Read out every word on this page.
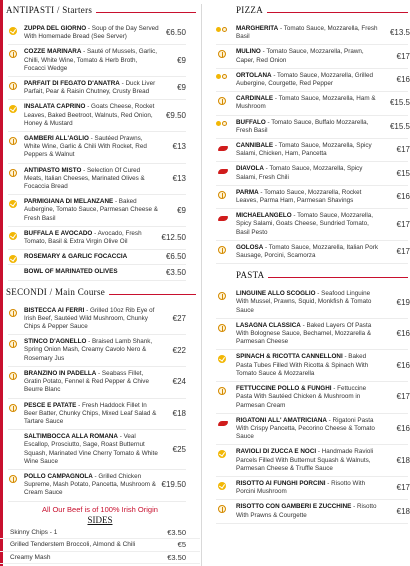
ANTIPASTI / Starters
ZUPPA DEL GIORNO - Soup of the Day Served With Homemade Bread (See Server)	€6.50
COZZE MARINARA - Sauté of Mussels, Garlic, Chilli, White Wine, Tomato & Herb Broth, Focacci Wedge
€9
PARFAIT DI FEGATO D'ANATRA - Duck Liver Parfait, Pear & Raisin Chutney, Crusty Bread	€9
INSALATA CAPRINO - Goats Cheese, Rocket Leaves, Baked Beetroot, Walnuts, Red Onion, Honey & Mustard
€9.50
GAMBERI ALL'AGLIO - Sautéed Prawns, White Wine, Garlic & Chili With Rocket, Red Peppers & Walnut
€13
ANTIPASTO MISTO - Selection Of Cured Meats, Italian Cheeses, Marinated Olives & Focaccia Bread
€13
PARMIGIANA DI MELANZANE - Baked Aubergine, Tomato Sauce, Parmesan Cheese & Fresh Basil
€9
BUFFALA E AVOCADO - Avocado, Fresh Tomato, Basil & Extra Virgin Olive Oil	€12.50
ROSEMARY & GARLIC FOCACCIA	€6.50
BOWL OF MARINATED OLIVES	€3.50
SECONDI / Main Course
BISTECCA AI FERRI - Grilled 10oz Rib Eye of Irish Beef, Sautéed Wild Mushroom, Chunky Chips & Pepper Sauce
€27
STINCO D'AGNELLO - Braised Lamb Shank, Spring Onion Mash, Creamy Cavolo Nero & Rosemary Jus
€22
BRANZINO IN PADELLA - Seabass Fillet, Gratin Potato, Fennel & Red Pepper & Chive Beurre Blanc
€24
PESCE E PATATE - Fresh Haddock Fillet In Beer Batter, Chunky Chips, Mixed Leaf Salad & Tartare Sauce
€18
SALTIMBOCCA ALLA ROMANA - Veal Escallop, Prosciutto, Sage, Roast Butternut Squash, Marinated Vine Cherry Tomato & White Wine Sauce
€25
POLLO CAMPAGNOLA - Grilled Chicken Supreme, Mash Potato, Pancetta, Mushroom & Cream Sauce
€19.50
All Our Beef is of 100% Irish Origin
SIDES
Skinny Chips - 1	€3.50
Grilled Tenderstem Broccoli, Almond & Chili	€5
Creamy Mash	€3.50
PIZZA
MARGHERITA - Tomato Sauce, Mozzarella, Fresh Basil	€13.5
MULINO - Tomato Sauce, Mozzarella, Prawn, Caper, Red Onion	€17
ORTOLANA - Tomato Sauce, Mozzarella, Grilled Aubergine, Courgette, Red Pepper	€16
CARDINALE - Tomato Sauce, Mozzarella, Ham & Mushroom	€15.5
BUFFALO - Tomato Sauce, Buffalo Mozzarella, Fresh Basil	€15.5
CANNIBALE - Tomato Sauce, Mozzarella, Spicy Salami, Chicken, Ham, Pancetta	€17
DIAVOLA - Tomato Sauce, Mozzarella, Spicy Salami, Fresh Chili	€15
PARMA - Tomato Sauce, Mozzarella, Rocket Leaves, Parma Ham, Parmesan Shavings	€16
MICHAELANGELO - Tomato Sauce, Mozzarella, Spicy Salami, Goats Cheese, Sundried Tomato, Basil Pesto
€17
GOLOSA - Tomato Sauce, Mozzarella, Italian Pork Sausage, Porcini, Scamorza	€17
PASTA
LINGUINE ALLO SCOGLIO - Seafood Linguine With Mussel, Prawns, Squid, Monkfish & Tomato Sauce
€19
LASAGNA CLASSICA - Baked Layers Of Pasta With Bolognese Sauce, Bechamel, Mozzarella & Parmesan Cheese
€16
SPINACH & RICOTTA CANNELLONI - Baked Pasta Tubes Filled With Ricotta & Spinach With Tomato Sauce & Mozzarella
€16
FETTUCCINE POLLO & FUNGHI - Fettuccine Pasta With Sautéed Chicken & Mushroom in Parmesan Cream
€17
RIGATONI ALL' AMATRICIANA - Rigatoni Pasta With Crispy Pancetta, Pecorino Cheese & Tomato Sauce
€16
RAVIOLI DI ZUCCA E NOCI - Handmade Ravioli Parcels Filled With Butternut Squash & Walnuts, Parmesan Cheese & Truffle Sauce
€18
RISOTTO AI FUNGHI PORCINI - Risotto With Porcini Mushroom	€17
RISOTTO CON GAMBERI E ZUCCHINE - Risotto With Prawns & Courgette	€18
